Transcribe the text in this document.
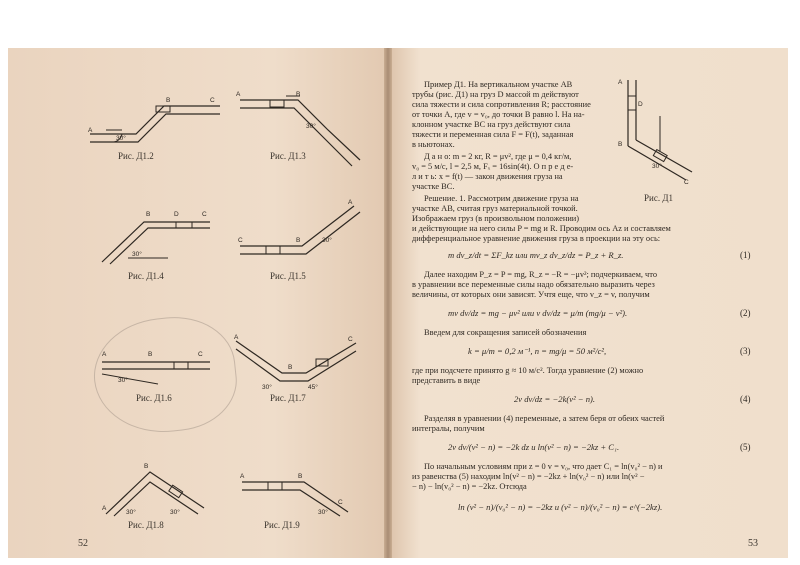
30°
A
B	C
Рис. Д1.2
A	B
30°
Рис. Д1.3
30°
B	D	C
Рис. Д1.4
30°
C	B
A
Рис. Д1.5
30°
A	B	C
Рис. Д1.6
30°	45°
A
B
C
Рис. Д1.7
30°	30°
B
A
Рис. Д1.8
30°
A	B
C
Рис. Д1.9
52
A
B
C
D
30°
Рис. Д1
Пример Д1. На вертикальном участке AB
трубы (рис. Д1) на груз D массой m действуют
сила тяжести и сила сопротивления R; расстояние
от точки A, где v = v₀, до точки B равно l. На на-
клонном участке BC на груз действуют сила
тяжести и переменная сила F = F(t), заданная
в ньютонах.
Д а н о: m = 2 кг, R = μv², где μ = 0,4 кг/м,
v₀ = 5 м/с, l = 2,5 м, Fₓ = 16sin(4t). О п р е д е-
л и т ь: x = f(t) — закон движения груза на
участке BC.
Решение. 1. Рассмотрим движение груза на
участке AB, считая груз материальной точкой.
Изображаем груз (в произвольном положении)
и действующие на него силы P = mg и R. Проводим ось Az и составляем
дифференциальное уравнение движения груза в проекции на эту ось:
m dv_z/dt = ΣF_kz или mv_z dv_z/dz = P_z + R_z.	(1)
Далее находим P_z = P = mg, R_z = −R = −μv²; подчеркиваем, что
в уравнении все переменные силы надо обязательно выразить через
величины, от которых они зависят. Учтя еще, что v_z = v, получим
mv dv/dz = mg − μv² или v dv/dz = μ/m (mg/μ − v²).	(2)
Введем для сокращения записей обозначения
k = μ/m = 0,2 м⁻¹, n = mg/μ = 50 м²/с²,	(3)
где при подсчете принято g ≈ 10 м/с². Тогда уравнение (2) можно
представить в виде
2v dv/dz = −2k(v² − n).	(4)
Разделяя в уравнении (4) переменные, а затем беря от обеих частей
интегралы, получим
2v dv/(v² − n) = −2k dz и ln(v² − n) = −2kz + C₁.	(5)
По начальным условиям при z = 0 v = v₀, что дает C₁ = ln(v₀² − n) и
из равенства (5) находим ln(v² − n) = −2kz + ln(v₀² − n) или ln(v² −
− n) − ln(v₀² − n) = −2kz. Отсюда
ln (v² − n)/(v₀² − n) = −2kz и (v² − n)/(v₀² − n) = e^(−2kz).
53
